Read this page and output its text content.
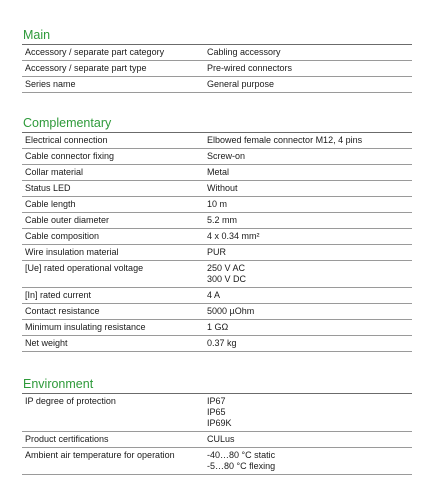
Main
Accessory / separate part category	Cabling accessory
Accessory / separate part type	Pre-wired connectors
Series name	General purpose
Complementary
Electrical connection	Elbowed female connector M12, 4 pins
Cable connector fixing	Screw-on
Collar material	Metal
Status LED	Without
Cable length	10 m
Cable outer diameter	5.2 mm
Cable composition	4 x 0.34 mm²
Wire insulation material	PUR
[Ue] rated operational voltage	250 V AC
300 V DC
[In] rated current	4 A
Contact resistance	5000 µOhm
Minimum insulating resistance	1 GΩ
Net weight	0.37 kg
Environment
IP degree of protection	IP67
IP65
IP69K
Product certifications	CULus
Ambient air temperature for operation	-40…80 °C static
-5…80 °C flexing
